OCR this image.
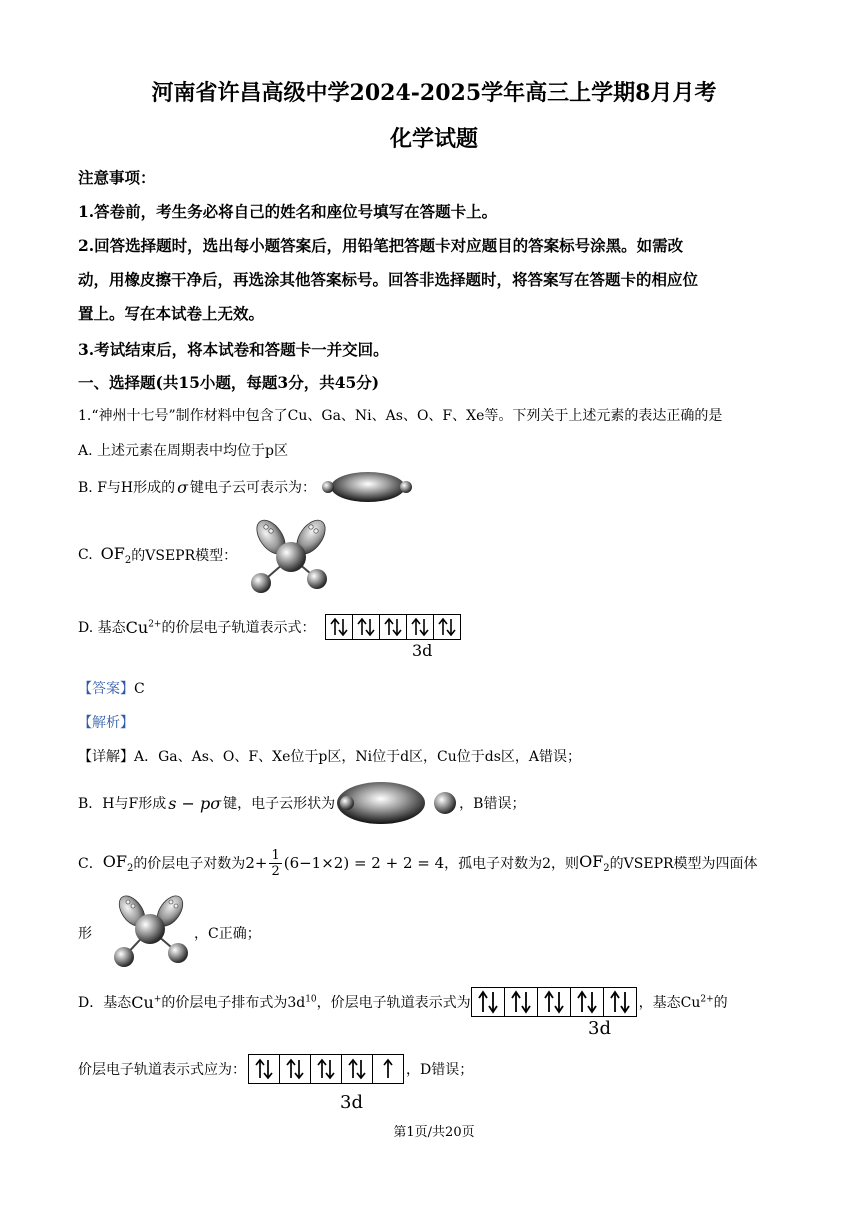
河南省许昌高级中学2024-2025学年高三上学期8月月考
化学试题
注意事项：
1.答卷前，考生务必将自己的姓名和座位号填写在答题卡上。
2.回答选择题时，选出每小题答案后，用铅笔把答题卡对应题目的答案标号涂黑。如需改
动，用橡皮擦干净后，再选涂其他答案标号。回答非选择题时，将答案写在答题卡的相应位
置上。写在本试卷上无效。
3.考试结束后，将本试卷和答题卡一并交回。
一、选择题(共15小题，每题3分，共45分)
1.“神州十七号”制作材料中包含了Cu、Ga、Ni、As、O、F、Xe等。下列关于上述元素的表达正确的是
A. 上述元素在周期表中均位于p区
B. F与H形成的 σ 键电子云可表示为：
C. $OF_2$ 的VSEPR模型：
D. 基态 $Cu^{2+}$ 的价层电子轨道表示式：
3d
【答案】C
【解析】
【详解】A．Ga、As、O、F、Xe位于p区，Ni位于d区，Cu位于ds区，A错误；
B．H与F形成 s − pσ 键，电子云形状为	，B错误；
C． $OF_2$ 的价层电子对数为 $2+ \frac{1}{2} (6-1\times 2) = 2 + 2 = 4$ ，孤电子对数为2，则 $OF_2$ 的VSEPR模型为四面体
形	，C正确；
D．基态 Cu+ 的价层电子排布式为$3d^{10}$ ，价层电子轨道表示式为	，基态$Cu^{2+}$的
3d
价层电子轨道表示式应为：	，D错误；
3d
第1页/共20页
